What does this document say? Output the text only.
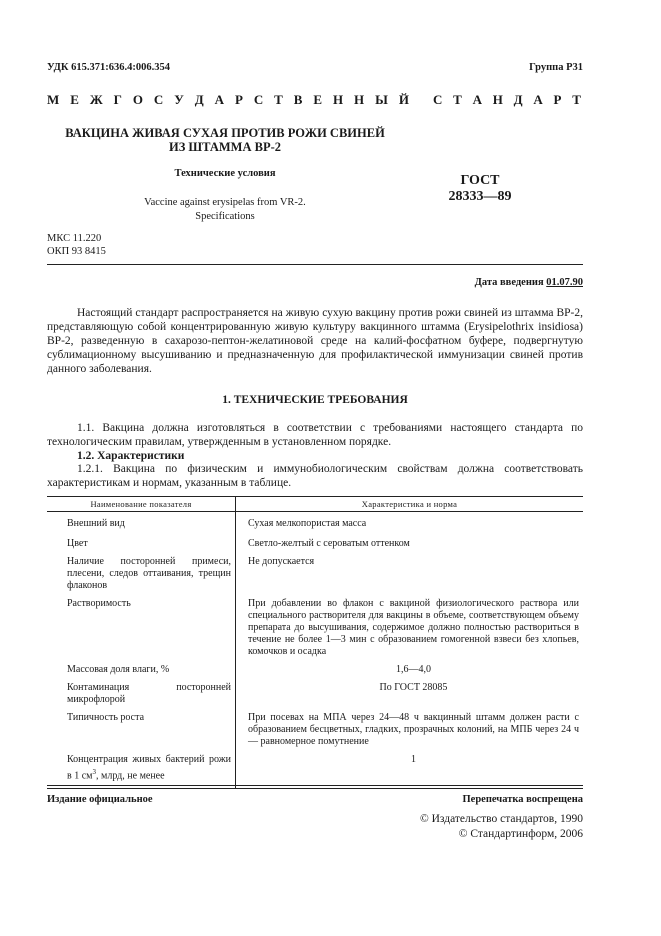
УДК 615.371:636.4:006.354	Группа Р31
М Е Ж Г О С У Д А Р С Т В Е Н Н Ы Й С Т А Н Д А Р Т
ВАКЦИНА ЖИВАЯ СУХАЯ ПРОТИВ РОЖИ СВИНЕЙ
ИЗ ШТАММА ВР-2
Технические условия
Vaccine against erysipelas from VR-2.
Specifications
ГОСТ
28333—89
МКС 11.220
ОКП 93 8415
Дата введения 01.07.90
Настоящий стандарт распространяется на живую сухую вакцину против рожи свиней из штамма ВР-2, представляющую собой концентрированную живую культуру вакцинного штамма (Erysipelothrix insidiosa) ВР-2, разведенную в сахарозо-пептон-желатиновой среде на калий-фосфатном буфере, подвергнутую сублимационному высушиванию и предназначенную для профилактической иммунизации свиней против данного заболевания.
1. ТЕХНИЧЕСКИЕ ТРЕБОВАНИЯ
1.1. Вакцина должна изготовляться в соответствии с требованиями настоящего стандарта по технологическим правилам, утвержденным в установленном порядке.
1.2. Характеристики
1.2.1. Вакцина по физическим и иммунобиологическим свойствам должна соответствовать характеристикам и нормам, указанным в таблице.
Наименование показателя	Характеристика и норма
Внешний вид	Сухая мелкопористая масса
Цвет	Светло-желтый с сероватым оттенком
Наличие посторонней примеси, плесени, следов оттаивания, трещин флаконов	Не допускается
Растворимость	При добавлении во флакон с вакциной физиологического раствора или специального растворителя для вакцины в объеме, соответствующем объему препарата до высушивания, содержимое должно полностью раствориться в течение не более 1—3 мин с образованием гомогенной взвеси без хлопьев, комочков и осадка
Массовая доля влаги, %	1,6—4,0
Контаминация посторонней микрофлорой	По ГОСТ 28085
Типичность роста	При посевах на МПА через 24—48 ч вакцинный штамм должен расти с образованием бесцветных, гладких, прозрачных колоний, на МПБ через 24 ч — равномерное помутнение
Концентрация живых бактерий рожи в 1 $см^3$, млрд, не менее	1
Издание официальное	Перепечатка воспрещена
© Издательство стандартов, 1990
© Стандартинформ, 2006
